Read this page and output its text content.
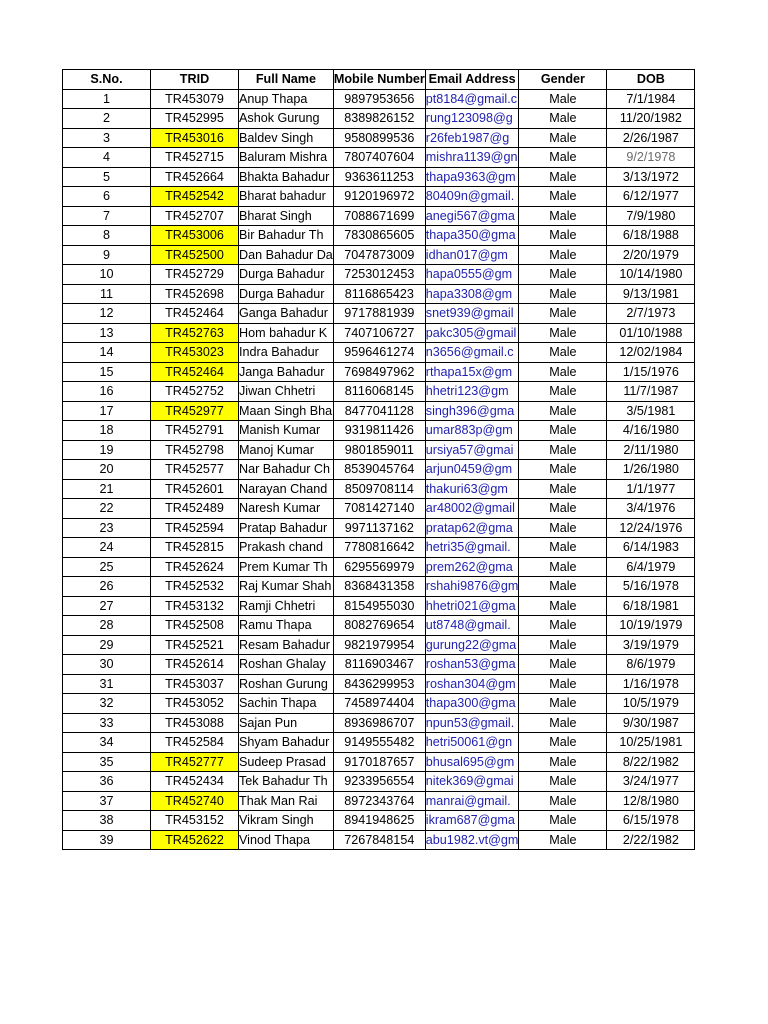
S.No.	TRID	Full Name	Mobile Number	Email Address	Gender	DOB
1	TR453079	Anup Thapa	9897953656	pt8184@gmail.c	Male	7/1/1984
2	TR452995	Ashok Gurung	8389826152	rung123098@g	Male	11/20/1982
3	TR453016	Baldev Singh	9580899536	r26feb1987@g	Male	2/26/1987
4	TR452715	Baluram Mishra	7807407604	mishra1139@gn	Male	9/2/1978
5	TR452664	Bhakta Bahadur	9363611253	thapa9363@gm	Male	3/13/1972
6	TR452542	Bharat bahadur	9120196972	80409n@gmail.	Male	6/12/1977
7	TR452707	Bharat Singh	7088671699	anegi567@gma	Male	7/9/1980
8	TR453006	Bir Bahadur Th	7830865605	thapa350@gma	Male	6/18/1988
9	TR452500	Dan Bahadur Da	7047873009	idhan017@gm	Male	2/20/1979
10	TR452729	Durga Bahadur	7253012453	hapa0555@gm	Male	10/14/1980
11	TR452698	Durga Bahadur	8116865423	hapa3308@gm	Male	9/13/1981
12	TR452464	Ganga Bahadur	9717881939	snet939@gmail	Male	2/7/1973
13	TR452763	Hom bahadur K	7407106727	pakc305@gmail	Male	01/10/1988
14	TR453023	Indra Bahadur	9596461274	n3656@gmail.c	Male	12/02/1984
15	TR452464	Janga Bahadur	7698497962	rthapa15x@gm	Male	1/15/1976
16	TR452752	Jiwan Chhetri	8116068145	hhetri123@gm	Male	11/7/1987
17	TR452977	Maan Singh Bha	8477041128	singh396@gma	Male	3/5/1981
18	TR452791	Manish Kumar	9319811426	umar883p@gm	Male	4/16/1980
19	TR452798	Manoj Kumar	9801859011	ursiya57@gmai	Male	2/11/1980
20	TR452577	Nar Bahadur Ch	8539045764	arjun0459@gm	Male	1/26/1980
21	TR452601	Narayan Chand	8509708114	thakuri63@gm	Male	1/1/1977
22	TR452489	Naresh Kumar	7081427140	ar48002@gmail	Male	3/4/1976
23	TR452594	Pratap Bahadur	9971137162	pratap62@gma	Male	12/24/1976
24	TR452815	Prakash chand	7780816642	hetri35@gmail.	Male	6/14/1983
25	TR452624	Prem Kumar Th	6295569979	prem262@gma	Male	6/4/1979
26	TR452532	Raj Kumar Shah	8368431358	rshahi9876@gm	Male	5/16/1978
27	TR453132	Ramji Chhetri	8154955030	hhetri021@gma	Male	6/18/1981
28	TR452508	Ramu Thapa	8082769654	ut8748@gmail.	Male	10/19/1979
29	TR452521	Resam Bahadur	9821979954	gurung22@gma	Male	3/19/1979
30	TR452614	Roshan Ghalay	8116903467	roshan53@gma	Male	8/6/1979
31	TR453037	Roshan Gurung	8436299953	roshan304@gm	Male	1/16/1978
32	TR453052	Sachin Thapa	7458974404	thapa300@gma	Male	10/5/1979
33	TR453088	Sajan Pun	8936986707	npun53@gmail.	Male	9/30/1987
34	TR452584	Shyam Bahadur	9149555482	hetri50061@gn	Male	10/25/1981
35	TR452777	Sudeep Prasad	9170187657	bhusal695@gm	Male	8/22/1982
36	TR452434	Tek Bahadur Th	9233956554	nitek369@gmai	Male	3/24/1977
37	TR452740	Thak Man Rai	8972343764	manrai@gmail.	Male	12/8/1980
38	TR453152	Vikram Singh	8941948625	ikram687@gma	Male	6/15/1978
39	TR452622	Vinod Thapa	7267848154	abu1982.vt@gm	Male	2/22/1982
